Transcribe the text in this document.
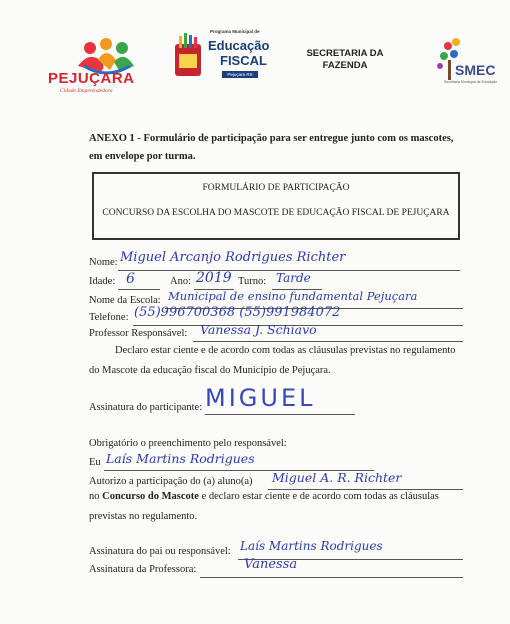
PEJUÇARA
Cidade Empreendedora
Programa Municipal de
Educação
FISCAL
Pejuçara RS
SECRETARIA DA
FAZENDA	SMEC
Secretaria Municipal de Educação
ANEXO 1 - Formulário de participação para ser entregue junto com os mascotes,
em envelope por turma.
FORMULÁRIO DE PARTICIPAÇÃO
CONCURSO DA ESCOLHA DO MASCOTE DE EDUCAÇÃO FISCAL DE PEJUÇARA
Nome: Miguel Arcanjo Rodrigues Richter
Idade: 6	Ano: 2019 Turno: Tarde
Nome da Escola: Municipal de ensino fundamental Pejuçara
Telefone: (55)996700368 (55)991984072
Professor Responsável: Vanessa J. Schiavo
Declaro estar ciente e de acordo com todas as cláusulas previstas no regulamento
do Mascote da educação fiscal do Município de Pejuçara.
Assinatura do participante: MIGUEL
Obrigatório o preenchimento pelo responsável:
Eu Laís Martins Rodrigues
Autorizo a participação do (a) aluno(a) Miguel A. R. Richter
no Concurso do Mascote e declaro estar ciente e de acordo com todas as cláusulas
previstas no regulamento.
Assinatura do pai ou responsável: Laís Martins Rodrigues
Assinatura da Professora:	Vanessa
